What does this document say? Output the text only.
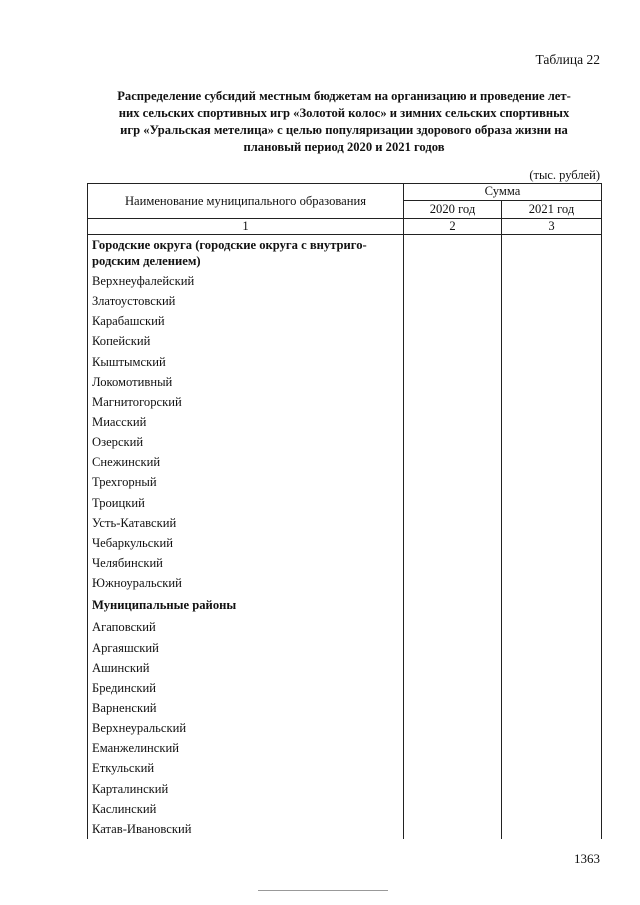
Таблица 22
Распределение субсидий местным бюджетам на организацию и проведение лет-
них сельских спортивных игр «Золотой колос» и зимних сельских спортивных
игр «Уральская метелица» с целью популяризации здорового образа жизни на
плановый период 2020 и 2021 годов
(тыс. рублей)
Наименование муниципального образования	Сумма	
	2020 год	2021 год
1	2	3
Городские округа (городские округа с внутриго-родским делением)		
Верхнеуфалейский		
Златоустовский		
Карабашский		
Копейский		
Кыштымский		
Локомотивный		
Магнитогорский		
Миасский		
Озерский		
Снежинский		
Трехгорный		
Троицкий		
Усть-Катавский		
Чебаркульский		
Челябинский		
Южноуральский		
Муниципальные районы		
Агаповский		
Аргаяшский		
Ашинский		
Брединский		
Варненский		
Верхнеуральский		
Еманжелинский		
Еткульский		
Карталинский		
Каслинский		
Катав-Ивановский		
1363
